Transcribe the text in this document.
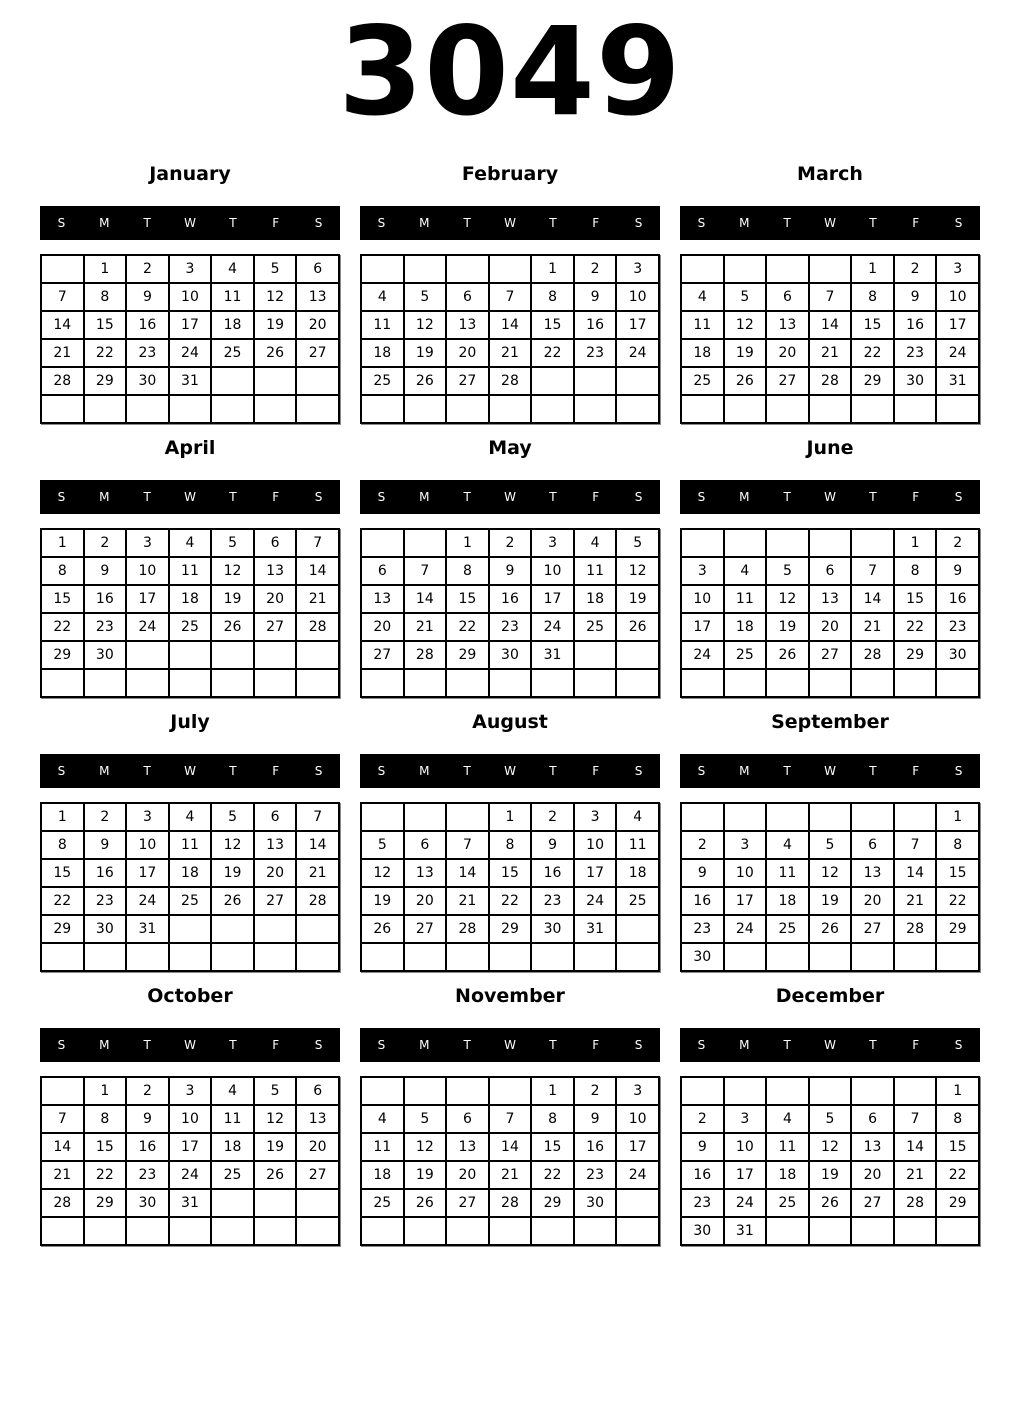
3049
January
S	M	T	W	T	F	S
	1	2	3	4	5	6
7	8	9	10	11	12	13
14	15	16	17	18	19	20
21	22	23	24	25	26	27
28	29	30	31			

February
S	M	T	W	T	F	S
				1	2	3
4	5	6	7	8	9	10
11	12	13	14	15	16	17
18	19	20	21	22	23	24
25	26	27	28			

March
S	M	T	W	T	F	S
				1	2	3
4	5	6	7	8	9	10
11	12	13	14	15	16	17
18	19	20	21	22	23	24
25	26	27	28	29	30	31

April
S	M	T	W	T	F	S
1	2	3	4	5	6	7
8	9	10	11	12	13	14
15	16	17	18	19	20	21
22	23	24	25	26	27	28
29	30					

May
S	M	T	W	T	F	S
		1	2	3	4	5
6	7	8	9	10	11	12
13	14	15	16	17	18	19
20	21	22	23	24	25	26
27	28	29	30	31		

June
S	M	T	W	T	F	S
					1	2
3	4	5	6	7	8	9
10	11	12	13	14	15	16
17	18	19	20	21	22	23
24	25	26	27	28	29	30

July
S	M	T	W	T	F	S
1	2	3	4	5	6	7
8	9	10	11	12	13	14
15	16	17	18	19	20	21
22	23	24	25	26	27	28
29	30	31				

August
S	M	T	W	T	F	S
			1	2	3	4
5	6	7	8	9	10	11
12	13	14	15	16	17	18
19	20	21	22	23	24	25
26	27	28	29	30	31	

September
S	M	T	W	T	F	S
						1
2	3	4	5	6	7	8
9	10	11	12	13	14	15
16	17	18	19	20	21	22
23	24	25	26	27	28	29
30						
October
S	M	T	W	T	F	S
	1	2	3	4	5	6
7	8	9	10	11	12	13
14	15	16	17	18	19	20
21	22	23	24	25	26	27
28	29	30	31			

November
S	M	T	W	T	F	S
				1	2	3
4	5	6	7	8	9	10
11	12	13	14	15	16	17
18	19	20	21	22	23	24
25	26	27	28	29	30	

December
S	M	T	W	T	F	S
						1
2	3	4	5	6	7	8
9	10	11	12	13	14	15
16	17	18	19	20	21	22
23	24	25	26	27	28	29
30	31					
